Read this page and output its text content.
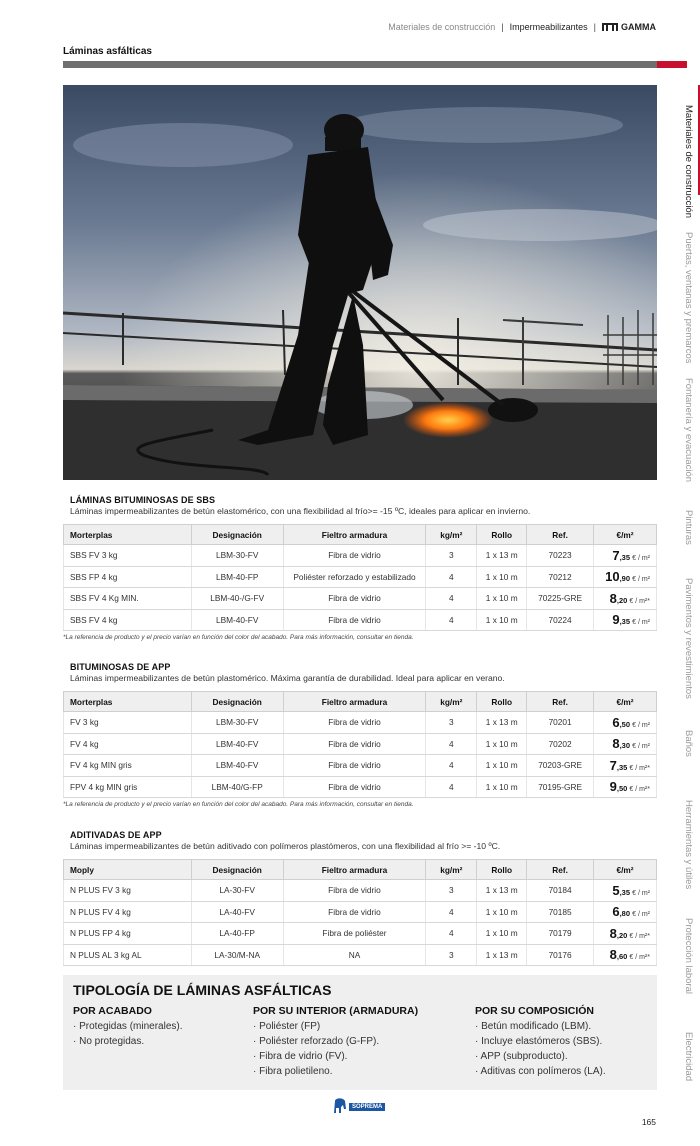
Materiales de construcción | Impermeabilizantes |	GAMMA
Láminas asfálticas
Materiales de construcción
Puertas, ventanas y premarcos
Fontanería y evacuación
Pinturas
Pavimentos y revestimientos
Baños
Herramientas y útiles
Protección laboral
Electricidad
LÁMINAS BITUMINOSAS DE SBS
Láminas impermeabilizantes de betún elastomérico, con una flexibilidad al frío>= -15 ºC, ideales para aplicar en invierno.
Morterplas	Designación	Fieltro armadura	kg/m²	Rollo	Ref.	€/m²
SBS FV 3 kg	LBM-30-FV	Fibra de vidrio	3	1 x 13 m	70223	7,35 € / m²
SBS FP 4 kg	LBM-40-FP	Poliéster reforzado y estabilizado	4	1 x 10 m	70212	10,90 € / m²
SBS FV 4 Kg MIN.	LBM-40-/G-FV	Fibra de vidrio	4	1 x 10 m	70225-GRE	8,20 € / m²*
SBS FV 4 kg	LBM-40-FV	Fibra de vidrio	4	1 x 10 m	70224	9,35 € / m²
*La referencia de producto y el precio varían en función del color del acabado. Para más información, consultar en tienda.
BITUMINOSAS DE APP
Láminas impermeabilizantes de betún plastomérico. Máxima garantía de durabilidad. Ideal para aplicar en verano.
Morterplas	Designación	Fieltro armadura	kg/m²	Rollo	Ref.	€/m²
FV 3 kg	LBM-30-FV	Fibra de vidrio	3	1 x 13 m	70201	6,50 € / m²
FV 4 kg	LBM-40-FV	Fibra de vidrio	4	1 x 10 m	70202	8,30 € / m²
FV 4 kg MIN gris	LBM-40-FV	Fibra de vidrio	4	1 x 10 m	70203-GRE	7,35 € / m²*
FPV 4 kg MIN gris	LBM-40/G-FP	Fibra de vidrio	4	1 x 10 m	70195-GRE	9,50 € / m²*
*La referencia de producto y el precio varían en función del color del acabado. Para más información, consultar en tienda.
ADITIVADAS DE APP
Láminas impermeabilizantes de betún aditivado con polímeros plastómeros, con una flexibilidad al frío >= -10 ºC.
Moply	Designación	Fieltro armadura	kg/m²	Rollo	Ref.	€/m²
N PLUS FV 3 kg	LA-30-FV	Fibra de vidrio	3	1 x 13 m	70184	5,35 € / m²
N PLUS FV 4 kg	LA-40-FV	Fibra de vidrio	4	1 x 10 m	70185	6,80 € / m²
N PLUS FP 4 kg	LA-40-FP	Fibra de poliéster	4	1 x 10 m	70179	8,20 € / m²*
N PLUS AL 3 kg AL	LA-30/M-NA	NA	3	1 x 13 m	70176	8,60 € / m²*
TIPOLOGÍA DE LÁMINAS ASFÁLTICAS
POR ACABADO
· Protegidas (minerales).
· No protegidas.
POR SU INTERIOR (ARMADURA)
· Poliéster (FP)
· Poliéster reforzado (G-FP).
· Fibra de vidrio (FV).
· Fibra polietileno.
POR SU COMPOSICIÓN
· Betún modificado (LBM).
· Incluye elastómeros (SBS).
· APP (subproducto).
· Aditivas con polímeros (LA).
SOPREMA
165
